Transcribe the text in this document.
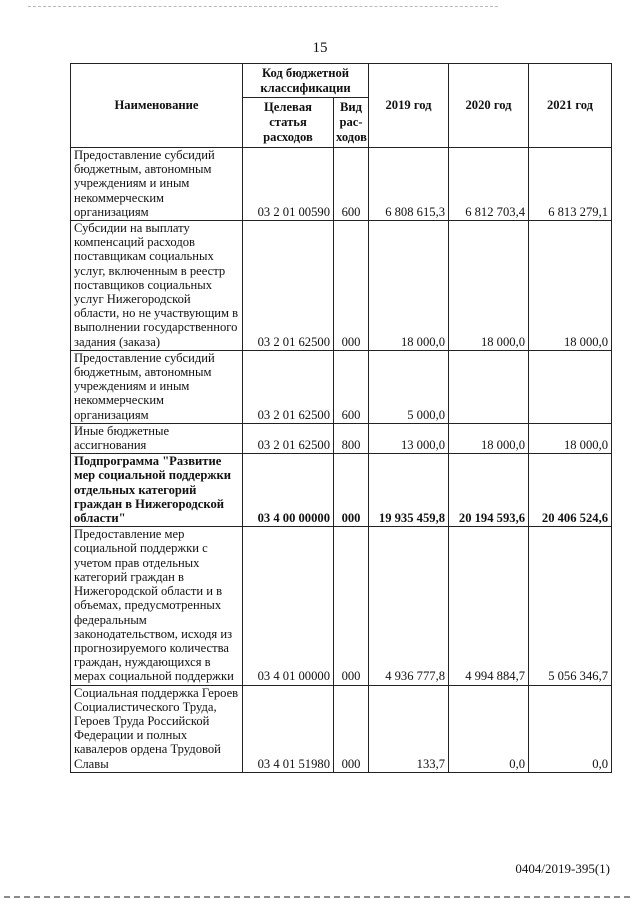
15
Наименование	Код бюджетной классификации		2019 год	2020 год	2021 год
	Целевая статья расходов	Вид рас-ходов			
Предоставление субсидий бюджетным, автономным учреждениям и иным некоммерческим организациям	03 2 01 00590	600	6 808 615,3	6 812 703,4	6 813 279,1
Субсидии на выплату компенсаций расходов поставщикам социальных услуг, включенным в реестр поставщиков социальных услуг Нижегородской области, но не участвующим в выполнении государственного задания (заказа)	03 2 01 62500	000	18 000,0	18 000,0	18 000,0
Предоставление субсидий бюджетным, автономным учреждениям и иным некоммерческим организациям	03 2 01 62500	600	5 000,0		
Иные бюджетные ассигнования	03 2 01 62500	800	13 000,0	18 000,0	18 000,0
Подпрограмма "Развитие мер социальной поддержки отдельных категорий граждан в Нижегородской области"	03 4 00 00000	000	19 935 459,8	20 194 593,6	20 406 524,6
Предоставление мер социальной поддержки с учетом прав отдельных категорий граждан в Нижегородской области и в объемах, предусмотренных федеральным законодательством, исходя из прогнозируемого количества граждан, нуждающихся в мерах социальной поддержки	03 4 01 00000	000	4 936 777,8	4 994 884,7	5 056 346,7
Социальная поддержка Героев Социалистического Труда, Героев Труда Российской Федерации и полных кавалеров ордена Трудовой Славы	03 4 01 51980	000	133,7	0,0	0,0
0404/2019-395(1)
